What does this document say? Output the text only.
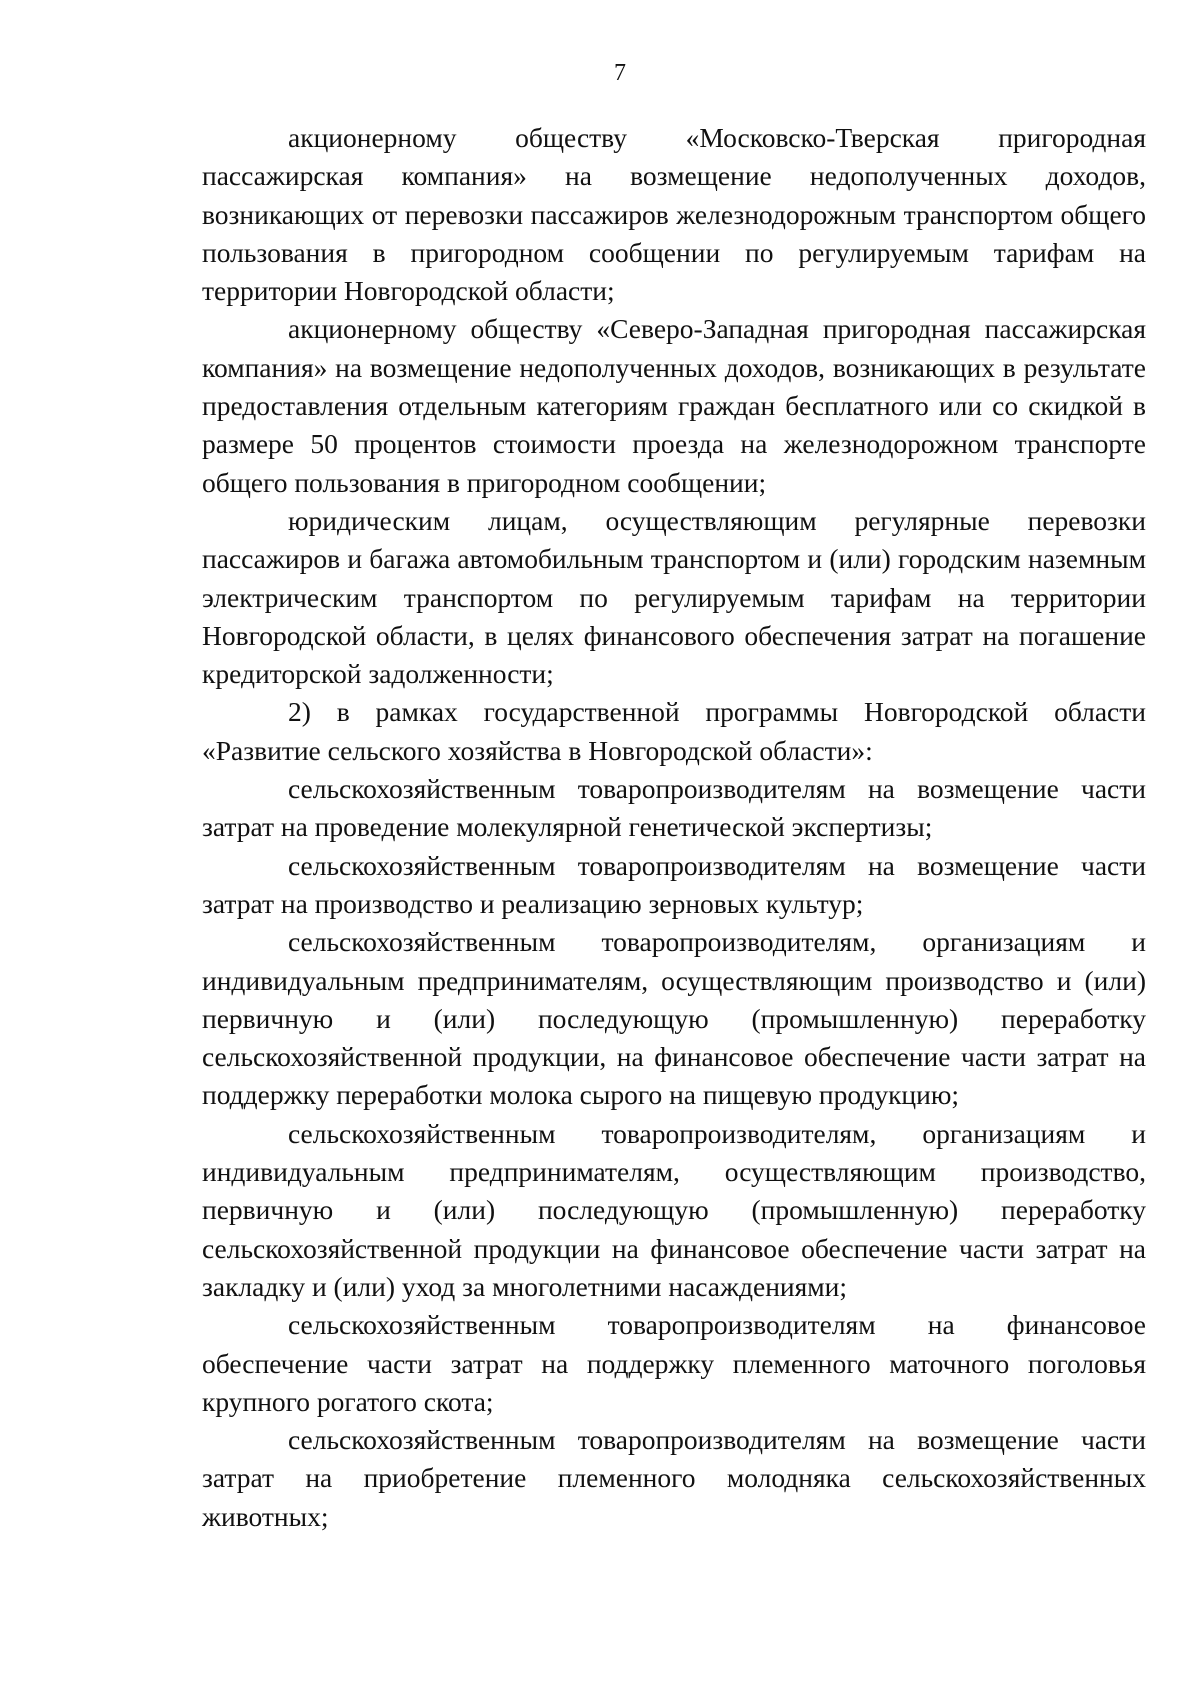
7

акционерному обществу «Московско-Тверская пригородная пассажирская компания» на возмещение недополученных доходов, возникающих от перевозки пассажиров железнодорожным транспортом общего пользования в пригородном сообщении по регулируемым тарифам на территории Новгородской области;

акционерному обществу «Северо-Западная пригородная пассажирская компания» на возмещение недополученных доходов, возникающих в результате предоставления отдельным категориям граждан бесплатного или со скидкой в размере 50 процентов стоимости проезда на железнодорожном транспорте общего пользования в пригородном сообщении;

юридическим лицам, осуществляющим регулярные перевозки пассажиров и багажа автомобильным транспортом и (или) городским наземным электрическим транспортом по регулируемым тарифам на территории Новгородской области, в целях финансового обеспечения затрат на погашение кредиторской задолженности;

2) в рамках государственной программы Новгородской области «Развитие сельского хозяйства в Новгородской области»:

сельскохозяйственным товаропроизводителям на возмещение части затрат на проведение молекулярной генетической экспертизы;

сельскохозяйственным товаропроизводителям на возмещение части затрат на производство и реализацию зерновых культур;

сельскохозяйственным товаропроизводителям, организациям и индивидуальным предпринимателям, осуществляющим производство и (или) первичную и (или) последующую (промышленную) переработку сельскохозяйственной продукции, на финансовое обеспечение части затрат на поддержку переработки молока сырого на пищевую продукцию;

сельскохозяйственным товаропроизводителям, организациям и индивидуальным предпринимателям, осуществляющим производство, первичную и (или) последующую (промышленную) переработку сельскохозяйственной продукции на финансовое обеспечение части затрат на закладку и (или) уход за многолетними насаждениями;

сельскохозяйственным товаропроизводителям на финансовое обеспечение части затрат на поддержку племенного маточного поголовья крупного рогатого скота;

сельскохозяйственным товаропроизводителям на возмещение части затрат на приобретение племенного молодняка сельскохозяйственных животных;
